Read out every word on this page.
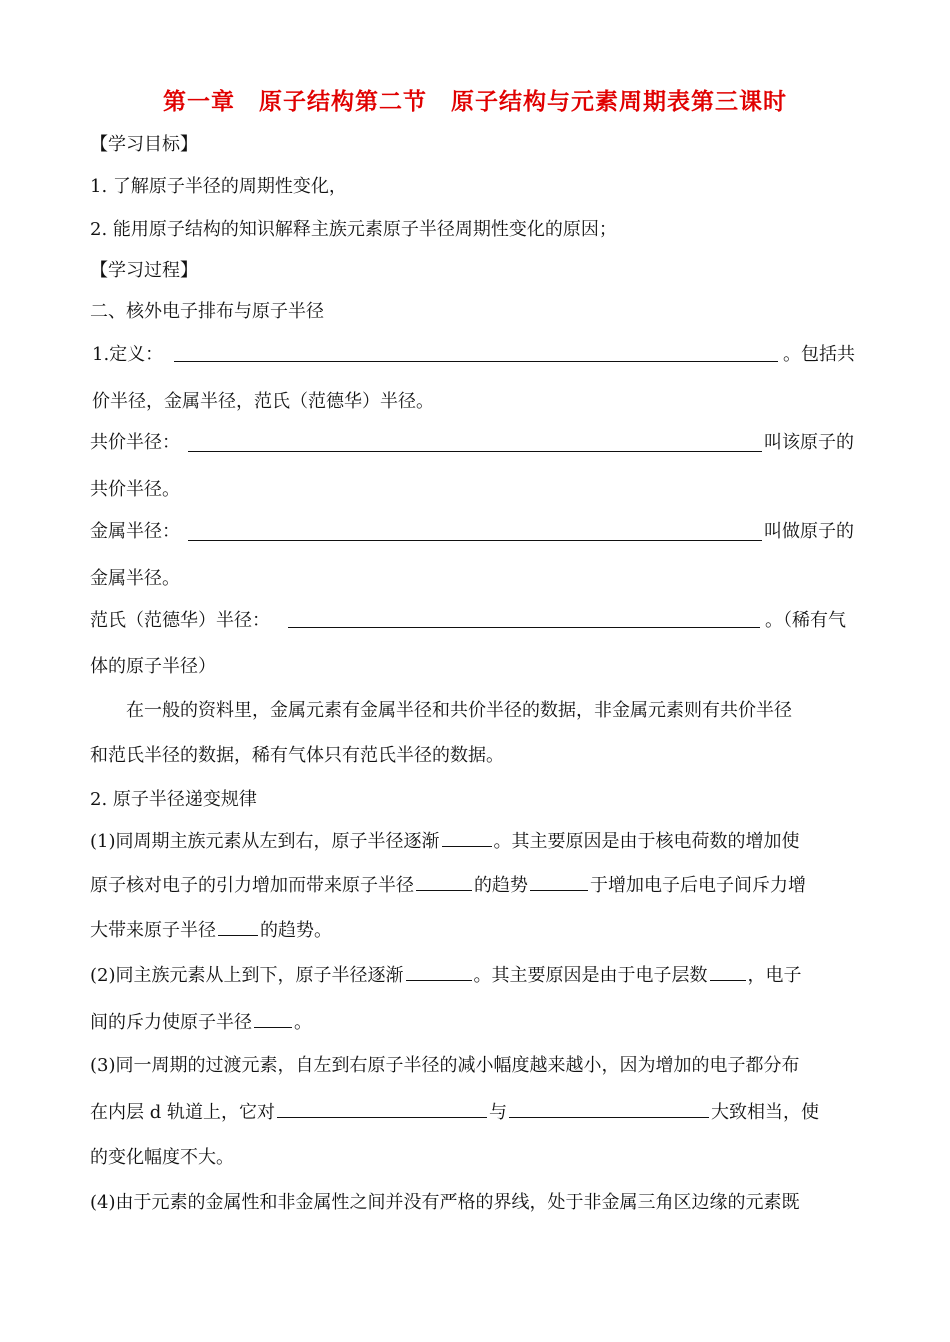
第一章　原子结构第二节　原子结构与元素周期表第三课时
【学习目标】
1. 了解原子半径的周期性变化，
2. 能用原子结构的知识解释主族元素原子半径周期性变化的原因；
【学习过程】
二、核外电子排布与原子半径
1.定义：	。包括共
价半径，金属半径，范氏（范德华）半径。
共价半径：	叫该原子的
共价半径。
金属半径：	叫做原子的
金属半径。
范氏（范德华）半径：	。（稀有气
体的原子半径）
　　在一般的资料里，金属元素有金属半径和共价半径的数据，非金属元素则有共价半径
和范氏半径的数据，稀有气体只有范氏半径的数据。
2. 原子半径递变规律
(1)同周期主族元素从左到右，原子半径逐渐	。其主要原因是由于核电荷数的增加使
原子核对电子的引力增加而带来原子半径	的趋势	于增加电子后电子间斥力增
大带来原子半径 的趋势。
(2)同主族元素从上到下，原子半径逐渐	。其主要原因是由于电子层数 ，电子
间的斥力使原子半径 。
(3)同一周期的过渡元素，自左到右原子半径的减小幅度越来越小，因为增加的电子都分布
在内层 d 轨道上，它对	与	大致相当，使
的变化幅度不大。
(4)由于元素的金属性和非金属性之间并没有严格的界线，处于非金属三角区边缘的元素既
